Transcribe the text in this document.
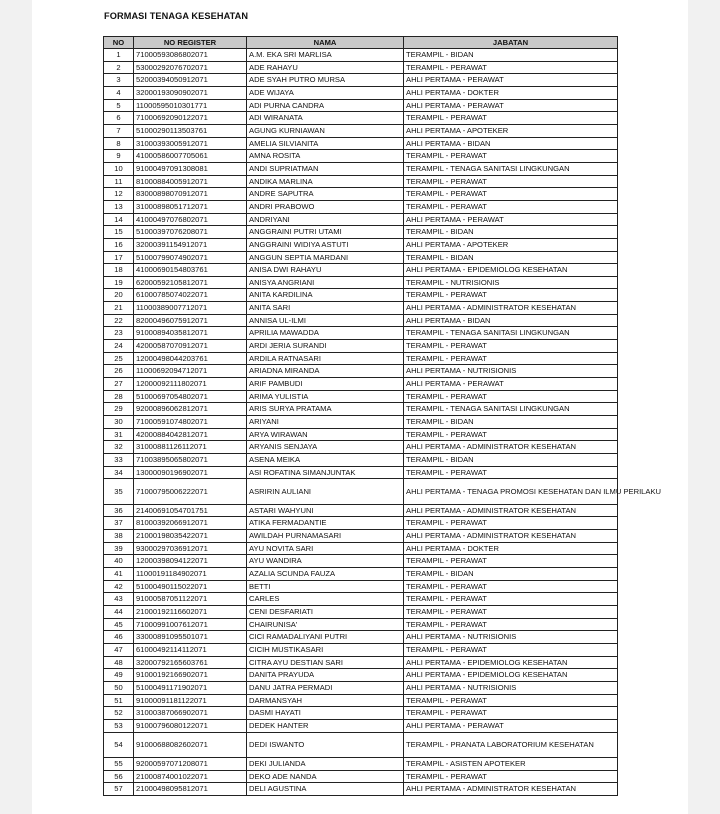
FORMASI TENAGA KESEHATAN
NO	NO REGISTER	NAMA	JABATAN
1	71000593086802071	A.M. EKA SRI MARLISA	TERAMPIL - BIDAN
2	53000292076702071	ADE RAHAYU	TERAMPIL - PERAWAT
3	52000394050912071	ADE SYAH PUTRO MURSA	AHLI PERTAMA - PERAWAT
4	32000193090902071	ADE WIJAYA	AHLI PERTAMA - DOKTER
5	11000595010301771	ADI PURNA CANDRA	AHLI PERTAMA - PERAWAT
6	71000692090122071	ADI WIRANATA	TERAMPIL - PERAWAT
7	51000290113503761	AGUNG KURNIAWAN	AHLI PERTAMA - APOTEKER
8	31000393005912071	AMELIA SILVIANITA	AHLI PERTAMA - BIDAN
9	41000586007705061	AMNA ROSITA	TERAMPIL - PERAWAT
10	91000497091308081	ANDI SUPRIATMAN	TERAMPIL - TENAGA SANITASI LINGKUNGAN
11	81000884005912071	ANDIKA MARLINA	TERAMPIL - PERAWAT
12	83000898070912071	ANDRE SAPUTRA	TERAMPIL - PERAWAT
13	31000898051712071	ANDRI PRABOWO	TERAMPIL - PERAWAT
14	41000497076802071	ANDRIYANI	AHLI PERTAMA - PERAWAT
15	51000397076208071	ANGGRAINI PUTRI UTAMI	TERAMPIL - BIDAN
16	32000391154912071	ANGGRAINI WIDIYA ASTUTI	AHLI PERTAMA - APOTEKER
17	51000799074902071	ANGGUN SEPTIA MARDANI	TERAMPIL - BIDAN
18	41000690154803761	ANISA DWI RAHAYU	AHLI PERTAMA - EPIDEMIOLOG KESEHATAN
19	62000592105812071	ANISYA ANGRIANI	TERAMPIL - NUTRISIONIS
20	61000785074022071	ANITA KARDILINA	TERAMPIL - PERAWAT
21	11000389007712071	ANITA SARI	AHLI PERTAMA - ADMINISTRATOR KESEHATAN
22	82000496075912071	ANNISA UL-ILMI	AHLI PERTAMA - BIDAN
23	91000894035812071	APRILIA MAWADDA	TERAMPIL - TENAGA SANITASI LINGKUNGAN
24	42000587070912071	ARDI JERIA SURANDI	TERAMPIL - PERAWAT
25	12000498044203761	ARDILA RATNASARI	TERAMPIL - PERAWAT
26	11000692094712071	ARIADNA MIRANDA	AHLI PERTAMA - NUTRISIONIS
27	12000092111802071	ARIF PAMBUDI	AHLI PERTAMA - PERAWAT
28	51000697054802071	ARIMA YULISTIA	TERAMPIL - PERAWAT
29	92000896062812071	ARIS SURYA PRATAMA	TERAMPIL - TENAGA SANITASI LINGKUNGAN
30	71000591074802071	ARIYANI	TERAMPIL - BIDAN
31	42000884042812071	ARYA WIRAWAN	TERAMPIL - PERAWAT
32	31000881126112071	ARYANIS SENJAYA	AHLI PERTAMA - ADMINISTRATOR KESEHATAN
33	71003895065802071	ASENA MEIKA	TERAMPIL - BIDAN
34	13000090196902071	ASI ROFATINA SIMANJUNTAK	TERAMPIL - PERAWAT
35	71000795006222071	ASRIRIN AULIANI	AHLI PERTAMA - TENAGA PROMOSI KESEHATAN DAN ILMU PERILAKU
36	21400691054701751	ASTARI WAHYUNI	AHLI PERTAMA - ADMINISTRATOR KESEHATAN
37	81000392066912071	ATIKA FERMADANTIE	TERAMPIL - PERAWAT
38	21000198035422071	AWILDAH PURNAMASARI	AHLI PERTAMA - ADMINISTRATOR KESEHATAN
39	93000297036912071	AYU NOVITA SARI	AHLI PERTAMA - DOKTER
40	12000398094122071	AYU WANDIRA	TERAMPIL - PERAWAT
41	11000191184902071	AZALIA SCUNDA FAUZA	TERAMPIL - BIDAN
42	51000490115022071	BETTI	TERAMPIL - PERAWAT
43	91000587051122071	CARLES	TERAMPIL - PERAWAT
44	21000192116602071	CENI DESFARIATI	TERAMPIL - PERAWAT
45	71000991007612071	CHAIRUNISA'	TERAMPIL - PERAWAT
46	33000891095501071	CICI RAMADALIYANI PUTRI	AHLI PERTAMA - NUTRISIONIS
47	61000492114112071	CICIH MUSTIKASARI	TERAMPIL - PERAWAT
48	32000792165603761	CITRA AYU DESTIAN SARI	AHLI PERTAMA - EPIDEMIOLOG KESEHATAN
49	91000192166902071	DANITA PRAYUDA	AHLI PERTAMA - EPIDEMIOLOG KESEHATAN
50	51000491171902071	DANU JATRA PERMADI	AHLI PERTAMA - NUTRISIONIS
51	91000091181122071	DARMANSYAH	TERAMPIL - PERAWAT
52	31000387066902071	DASMI HAYATI	TERAMPIL - PERAWAT
53	91000796080122071	DEDEK HANTER	AHLI PERTAMA - PERAWAT
54	91000688082602071	DEDI ISWANTO	TERAMPIL - PRANATA LABORATORIUM KESEHATAN
55	92000597071208071	DEKI JULIANDA	TERAMPIL - ASISTEN APOTEKER
56	21000874001022071	DEKO ADE NANDA	TERAMPIL - PERAWAT
57	21000498095812071	DELI AGUSTINA	AHLI PERTAMA - ADMINISTRATOR KESEHATAN
